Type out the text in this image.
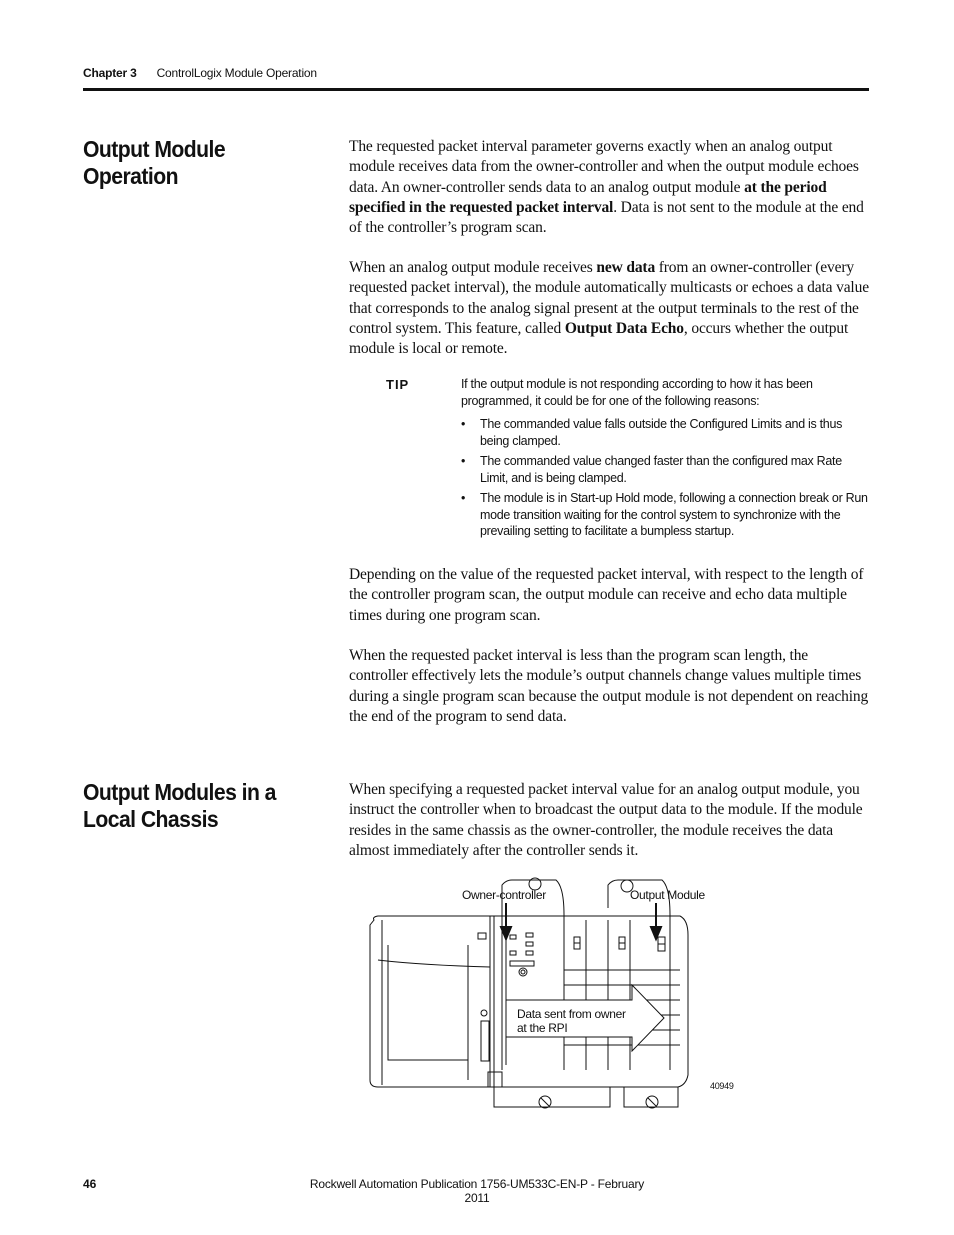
Chapter 3 ControlLogix Module Operation
Output Module Operation

The requested packet interval parameter governs exactly when an analog output module receives data from the owner-controller and when the output module echoes data. An owner-controller sends data to an analog output module at the period specified in the requested packet interval. Data is not sent to the module at the end of the controller’s program scan.

When an analog output module receives new data from an owner-controller (every requested packet interval), the module automatically multicasts or echoes a data value that corresponds to the analog signal present at the output terminals to the rest of the control system. This feature, called Output Data Echo, occurs whether the output module is local or remote.

TIP	If the output module is not responding according to how it has been programmed, it could be for one of the following reasons:

• The commanded value falls outside the Configured Limits and is thus being clamped.
• The commanded value changed faster than the configured max Rate Limit, and is being clamped.
• The module is in Start-up Hold mode, following a connection break or Run mode transition waiting for the control system to synchronize with the prevailing setting to facilitate a bumpless startup.

Depending on the value of the requested packet interval, with respect to the length of the controller program scan, the output module can receive and echo data multiple times during one program scan.

When the requested packet interval is less than the program scan length, the controller effectively lets the module’s output channels change values multiple times during a single program scan because the output module is not dependent on reaching the end of the program to send data.

Output Modules in a Local Chassis

When specifying a requested packet interval value for an analog output module, you instruct the controller when to broadcast the output data to the module. If the module resides in the same chassis as the owner-controller, the module receives the data almost immediately after the controller sends it.

Owner-controller	Output Module
Data sent from owner
at the RPI
40949
46	Rockwell Automation Publication 1756-UM533C-EN-P - February 2011
